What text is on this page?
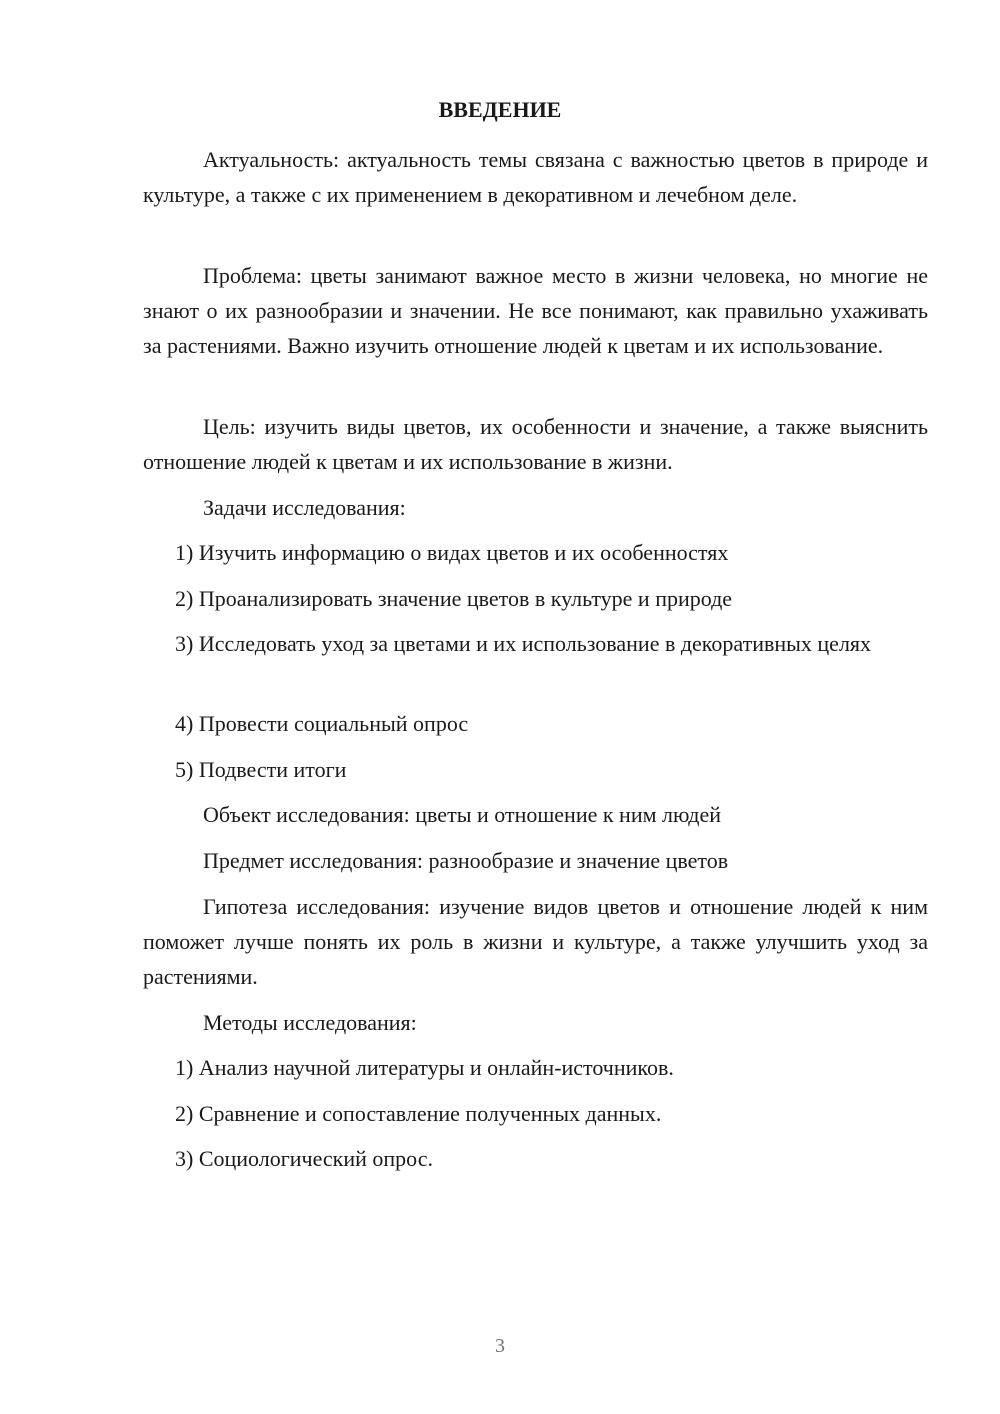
ВВЕДЕНИЕ

Актуальность: актуальность темы связана с важностью цветов в природе и культуре, а также с их применением в декоративном и лечебном деле.

Проблема: цветы занимают важное место в жизни человека, но многие не знают о их разнообразии и значении. Не все понимают, как правильно ухаживать за растениями. Важно изучить отношение людей к цветам и их использование.

Цель: изучить виды цветов, их особенности и значение, а также выяснить отношение людей к цветам и их использование в жизни.

Задачи исследования:

1) Изучить информацию о видах цветов и их особенностях

2) Проанализировать значение цветов в культуре и природе

3) Исследовать уход за цветами и их использование в декоративных целях

4) Провести социальный опрос

5) Подвести итоги

Объект исследования: цветы и отношение к ним людей

Предмет исследования: разнообразие и значение цветов

Гипотеза исследования: изучение видов цветов и отношение людей к ним поможет лучше понять их роль в жизни и культуре, а также улучшить уход за растениями.

Методы исследования:

1) Анализ научной литературы и онлайн-источников.

2) Сравнение и сопоставление полученных данных.

3) Социологический опрос.

3
